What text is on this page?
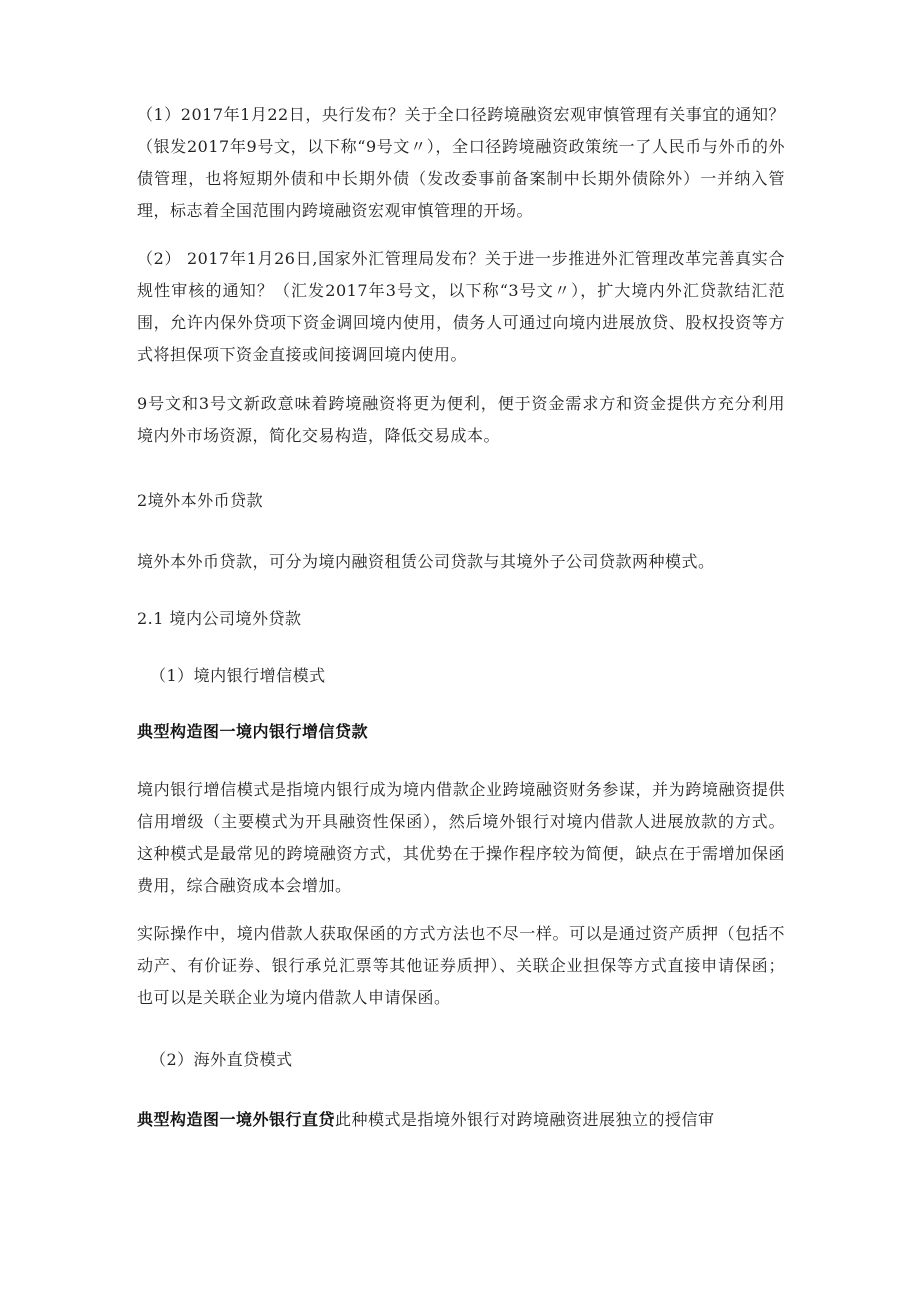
（1）2017年1月22日，央行发布？关于全口径跨境融资宏观审慎管理有关事宜的通知？（银发2017年9号文，以下称“9号文〃），全口径跨境融资政策统一了人民币与外币的外债管理，也将短期外债和中长期外债（发改委事前备案制中长期外债除外）一并纳入管理，标志着全国范围内跨境融资宏观审慎管理的开场。

（2） 2017年1月26日,国家外汇管理局发布？关于进一步推进外汇管理改革完善真实合规性审核的通知？（汇发2017年3号文，以下称“3号文〃），扩大境内外汇贷款结汇范围，允许内保外贷项下资金调回境内使用，债务人可通过向境内进展放贷、股权投资等方式将担保项下资金直接或间接调回境内使用。

9号文和3号文新政意味着跨境融资将更为便利，便于资金需求方和资金提供方充分利用境内外市场资源，简化交易构造，降低交易成本。

2境外本外币贷款

境外本外币贷款，可分为境内融资租赁公司贷款与其境外子公司贷款两种模式。

2.1 境内公司境外贷款

（1）境内银行增信模式

典型构造图一境内银行增信贷款

境内银行增信模式是指境内银行成为境内借款企业跨境融资财务参谋，并为跨境融资提供信用增级（主要模式为开具融资性保函），然后境外银行对境内借款人进展放款的方式。这种模式是最常见的跨境融资方式，其优势在于操作程序较为简便，缺点在于需增加保函费用，综合融资成本会增加。

实际操作中，境内借款人获取保函的方式方法也不尽一样。可以是通过资产质押（包括不动产、有价证券、银行承兑汇票等其他证券质押）、关联企业担保等方式直接申请保函；也可以是关联企业为境内借款人申请保函。

（2）海外直贷模式

典型构造图一境外银行直贷此种模式是指境外银行对跨境融资进展独立的授信审
